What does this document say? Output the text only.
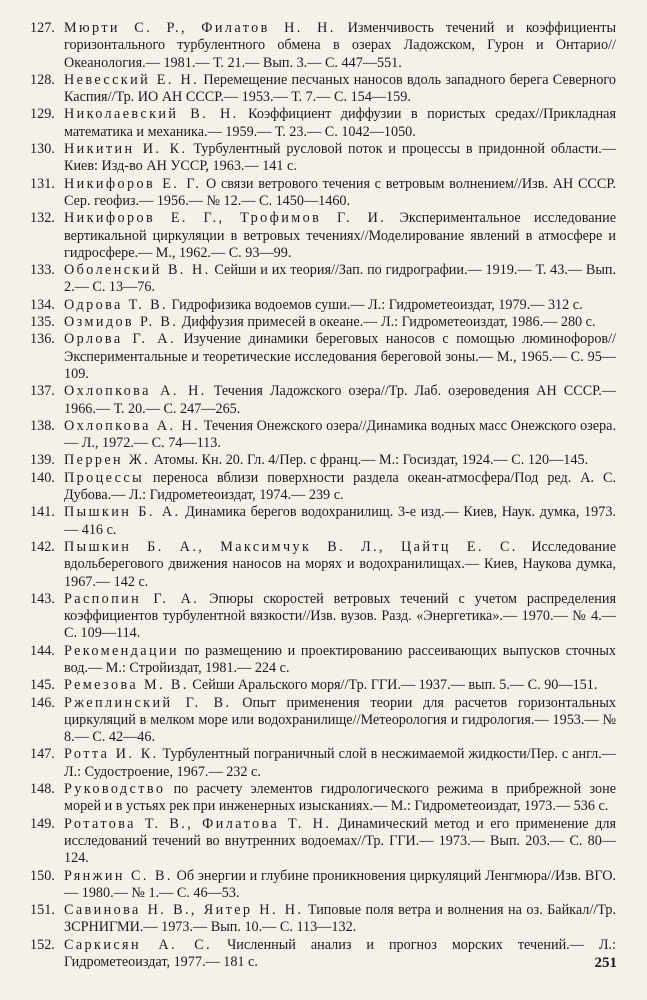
127. Мюрти С. Р., Филатов Н. Н. Изменчивость течений и коэффициенты горизонтального турбулентного обмена в озерах Ладожском, Гурон и Онтарио//Океанология.— 1981.— Т. 21.— Вып. 3.— С. 447—551.
128. Невесский Е. Н. Перемещение песчаных наносов вдоль западного берега Северного Каспия//Тр. ИО АН СССР.— 1953.— Т. 7.— С. 154—159.
129. Николаевский В. Н. Коэффициент диффузии в пористых средах//Прикладная математика и механика.— 1959.— Т. 23.— С. 1042—1050.
130. Никитин И. К. Турбулентный русловой поток и процессы в придонной области.— Киев: Изд-во АН УССР, 1963.— 141 с.
131. Никифоров Е. Г. О связи ветрового течения с ветровым волнением//Изв. АН СССР. Сер. геофиз.— 1956.— № 12.— С. 1450—1460.
132. Никифоров Е. Г., Трофимов Г. И. Экспериментальное исследование вертикальной циркуляции в ветровых течениях//Моделирование явлений в атмосфере и гидросфере.— М., 1962.— С. 93—99.
133. Оболенский В. Н. Сейши и их теория//Зап. по гидрографии.— 1919.— Т. 43.— Вып. 2.— С. 13—76.
134. Одрова Т. В. Гидрофизика водоемов суши.— Л.: Гидрометеоиздат, 1979.— 312 с.
135. Озмидов Р. В. Диффузия примесей в океане.— Л.: Гидрометеоиздат, 1986.— 280 с.
136. Орлова Г. А. Изучение динамики береговых наносов с помощью люминофоров//Экспериментальные и теоретические исследования береговой зоны.— М., 1965.— С. 95—109.
137. Охлопкова А. Н. Течения Ладожского озера//Тр. Лаб. озероведения АН СССР.— 1966.— Т. 20.— С. 247—265.
138. Охлопкова А. Н. Течения Онежского озера//Динамика водных масс Онежского озера.— Л., 1972.— С. 74—113.
139. Перрен Ж. Атомы. Кн. 20. Гл. 4/Пер. с франц.— М.: Госиздат, 1924.— С. 120—145.
140. Процессы переноса вблизи поверхности раздела океан-атмосфера/Под ред. А. С. Дубова.— Л.: Гидрометеоиздат, 1974.— 239 с.
141. Пышкин Б. А. Динамика берегов водохранилищ. 3-е изд.— Киев, Наук. думка, 1973.— 416 с.
142. Пышкин Б. А., Максимчук В. Л., Цайтц Е. С. Исследование вдольберегового движения наносов на морях и водохранилищах.— Киев, Наукова думка, 1967.— 142 с.
143. Распопин Г. А. Эпюры скоростей ветровых течений с учетом распределения коэффициентов турбулентной вязкости//Изв. вузов. Разд. «Энергетика».— 1970.— № 4.— С. 109—114.
144. Рекомендации по размещению и проектированию рассеивающих выпусков сточных вод.— М.: Стройиздат, 1981.— 224 с.
145. Ремезова М. В. Сейши Аральского моря//Тр. ГГИ.— 1937.— вып. 5.— С. 90—151.
146. Ржеплинский Г. В. Опыт применения теории для расчетов горизонтальных циркуляций в мелком море или водохранилище//Метеорология и гидрология.— 1953.— № 8.— С. 42—46.
147. Ротта И. К. Турбулентный пограничный слой в несжимаемой жидкости/Пер. с англ.— Л.: Судостроение, 1967.— 232 с.
148. Руководство по расчету элементов гидрологического режима в прибрежной зоне морей и в устьях рек при инженерных изысканиях.— М.: Гидрометеоиздат, 1973.— 536 с.
149. Ротатова Т. В., Филатова Т. Н. Динамический метод и его применение для исследований течений во внутренних водоемах//Тр. ГГИ.— 1973.— Вып. 203.— С. 80—124.
150. Рянжин С. В. Об энергии и глубине проникновения циркуляций Ленгмюра//Изв. ВГО.— 1980.— № 1.— С. 46—53.
151. Савинова Н. В., Яитер Н. Н. Типовые поля ветра и волнения на оз. Байкал//Тр. ЗСРНИГМИ.— 1973.— Вып. 10.— С. 113—132.
152. Саркисян А. С. Численный анализ и прогноз морских течений.— Л.: Гидрометеоиздат, 1977.— 181 с.	251
